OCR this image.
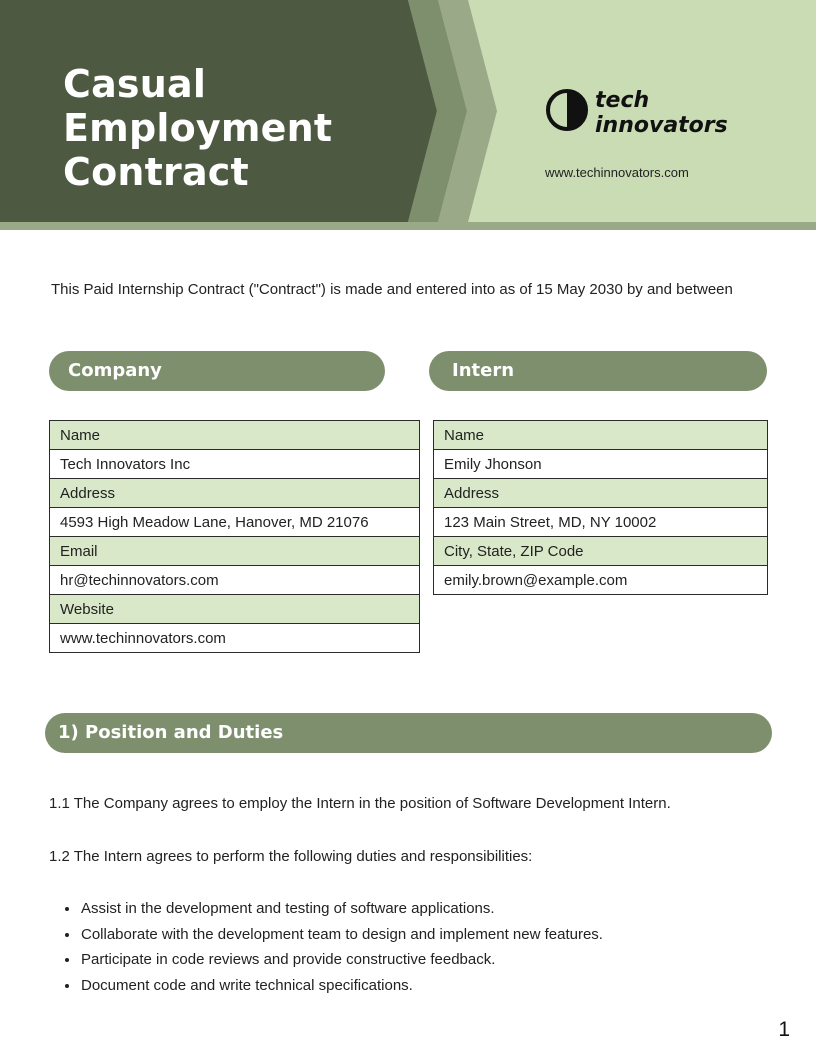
Casual
Employment
Contract
tech
innovators
www.techinnovators.com

This Paid Internship Contract ("Contract") is made and entered into as of 15 May 2030 by and between

Company	Intern
Name
Tech Innovators Inc
Address
4593 High Meadow Lane, Hanover, MD 21076
Email
hr@techinnovators.com
Website
www.techinnovators.com
Name
Emily Jhonson
Address
123 Main Street, MD, NY 10002
City, State, ZIP Code
emily.brown@example.com
1) Position and Duties

1.1 The Company agrees to employ the Intern in the position of Software Development Intern.

1.2 The Intern agrees to perform the following duties and responsibilities:

• Assist in the development and testing of software applications.
• Collaborate with the development team to design and implement new features.
• Participate in code reviews and provide constructive feedback.
• Document code and write technical specifications.
1
